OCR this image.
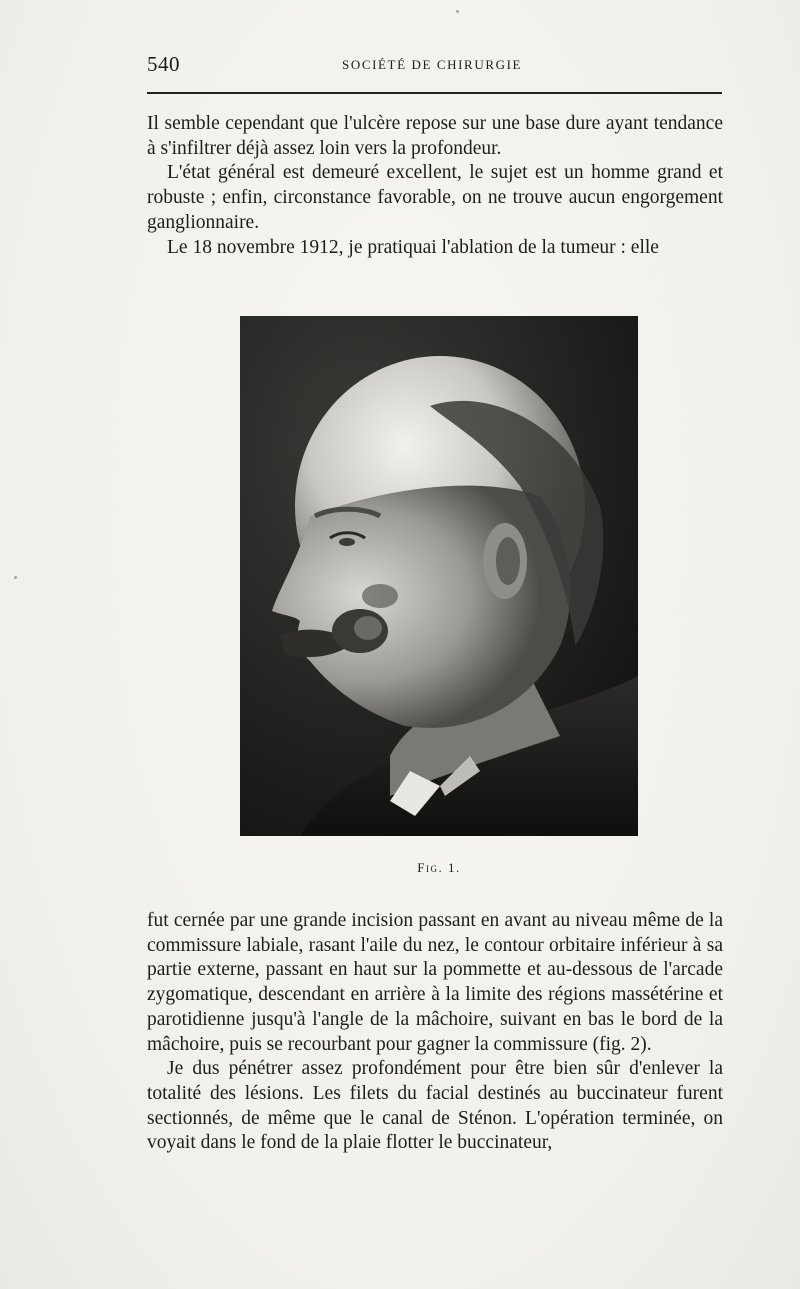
540	SOCIÉTÉ DE CHIRURGIE

Il semble cependant que l'ulcère repose sur une base dure ayant tendance à s'infiltrer déjà assez loin vers la profondeur.

L'état général est demeuré excellent, le sujet est un homme grand et robuste ; enfin, circonstance favorable, on ne trouve aucun engorgement ganglionnaire.

Le 18 novembre 1912, je pratiquai l'ablation de la tumeur : elle

Fig. 1.

fut cernée par une grande incision passant en avant au niveau même de la commissure labiale, rasant l'aile du nez, le contour orbitaire inférieur à sa partie externe, passant en haut sur la pommette et au-dessous de l'arcade zygomatique, descendant en arrière à la limite des régions massétérine et parotidienne jusqu'à l'angle de la mâchoire, suivant en bas le bord de la mâchoire, puis se recourbant pour gagner la commissure (fig. 2).

Je dus pénétrer assez profondément pour être bien sûr d'enlever la totalité des lésions. Les filets du facial destinés au buccinateur furent sectionnés, de même que le canal de Sténon. L'opération terminée, on voyait dans le fond de la plaie flotter le buccinateur,
